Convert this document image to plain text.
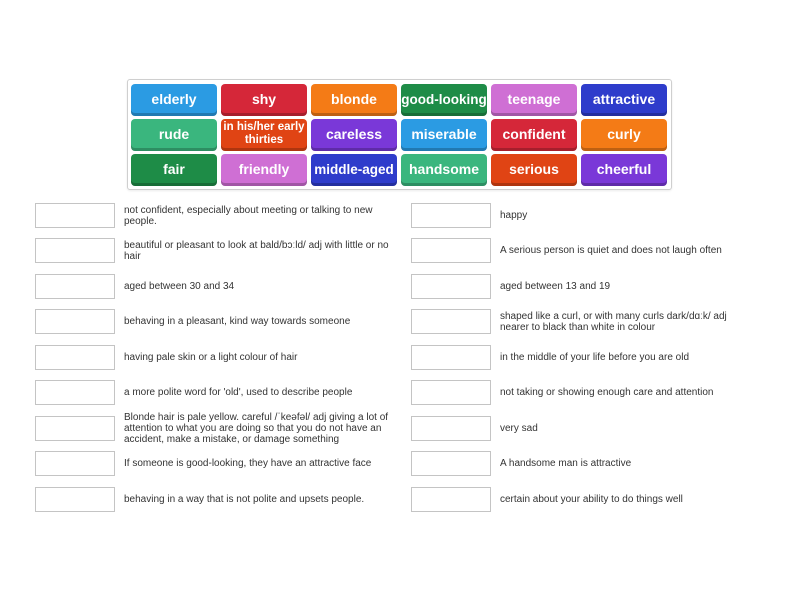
elderly	shy	blonde	good-looking	teenage	attractive
rude	in his/her early thirties	careless	miserable	confident	curly
fair	friendly	middle-aged	handsome	serious	cheerful
not confident, especially about meeting or talking to new people.
beautiful or pleasant to look at bald/bɔːld/ adj with little or no hair
aged between 30 and 34
behaving in a pleasant, kind way towards someone
having pale skin or a light colour of hair
a more polite word for 'old', used to describe people
Blonde hair is pale yellow. careful /ˈkeəfəl/ adj giving a lot of attention to what you are doing so that you do not have an accident, make a mistake, or damage something
If someone is good-looking, they have an attractive face
behaving in a way that is not polite and upsets people.
happy
A serious person is quiet and does not laugh often
aged between 13 and 19
shaped like a curl, or with many curls dark/dɑːk/ adj nearer to black than white in colour
in the middle of your life before you are old
not taking or showing enough care and attention
very sad
A handsome man is attractive
certain about your ability to do things well
